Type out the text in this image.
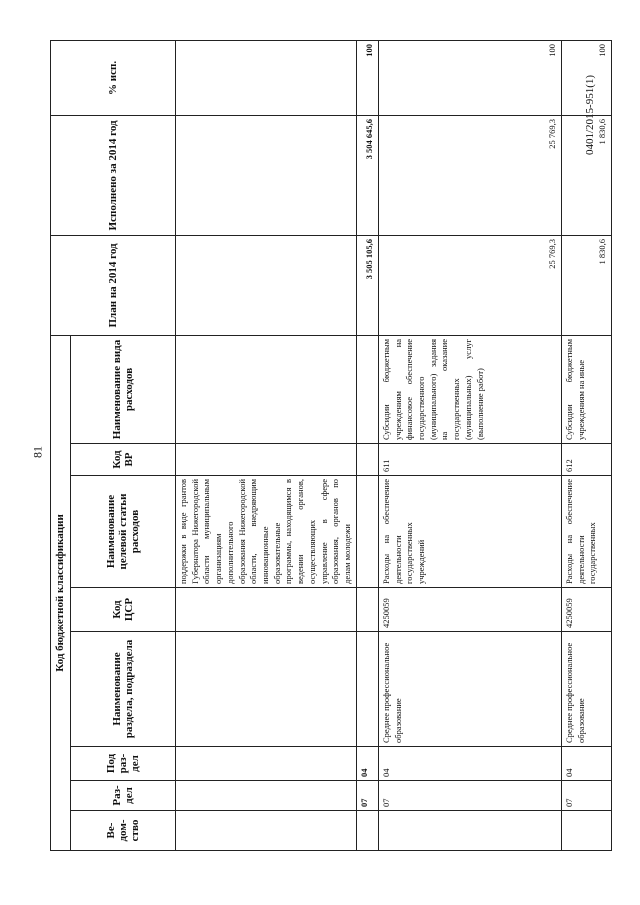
81
0401/2015-951(1)
Код бюджетной классификации								План на 2014 год	Исполнено за 2014 год	% исп.
Ве-дом-ство	Раз-дел	Под раз-дел	Наименование раздела, подраздела	Код ЦСР	Наименование целевой статьи расходов	Код ВР	Наименование вида расходов			
					поддержки в виде грантов Губернатора Нижегородской области муниципальным организациям дополнительного образования Нижегородской области, внедряющим инновационные образовательные программы, находящимся в ведении органов, осуществляющих управление в сфере образования, органов по делам молодежи					
	07	04						3 505 105,6	3 504 645,6	100
	07	04	Среднее профессиональное образование	4250059	Расходы на обеспечение деятельности государственных учреждений	611	Субсидии бюджетным учреждениям на финансовое обеспечение государственного (муниципального) задания на оказание государственных (муниципальных) услуг (выполнение работ)	25 769,3	25 769,3	100
	07	04	Среднее профессиональное образование	4250059	Расходы на обеспечение деятельности государственных	612	Субсидии бюджетным учреждениям на иные	1 830,6	1 830,6	100
